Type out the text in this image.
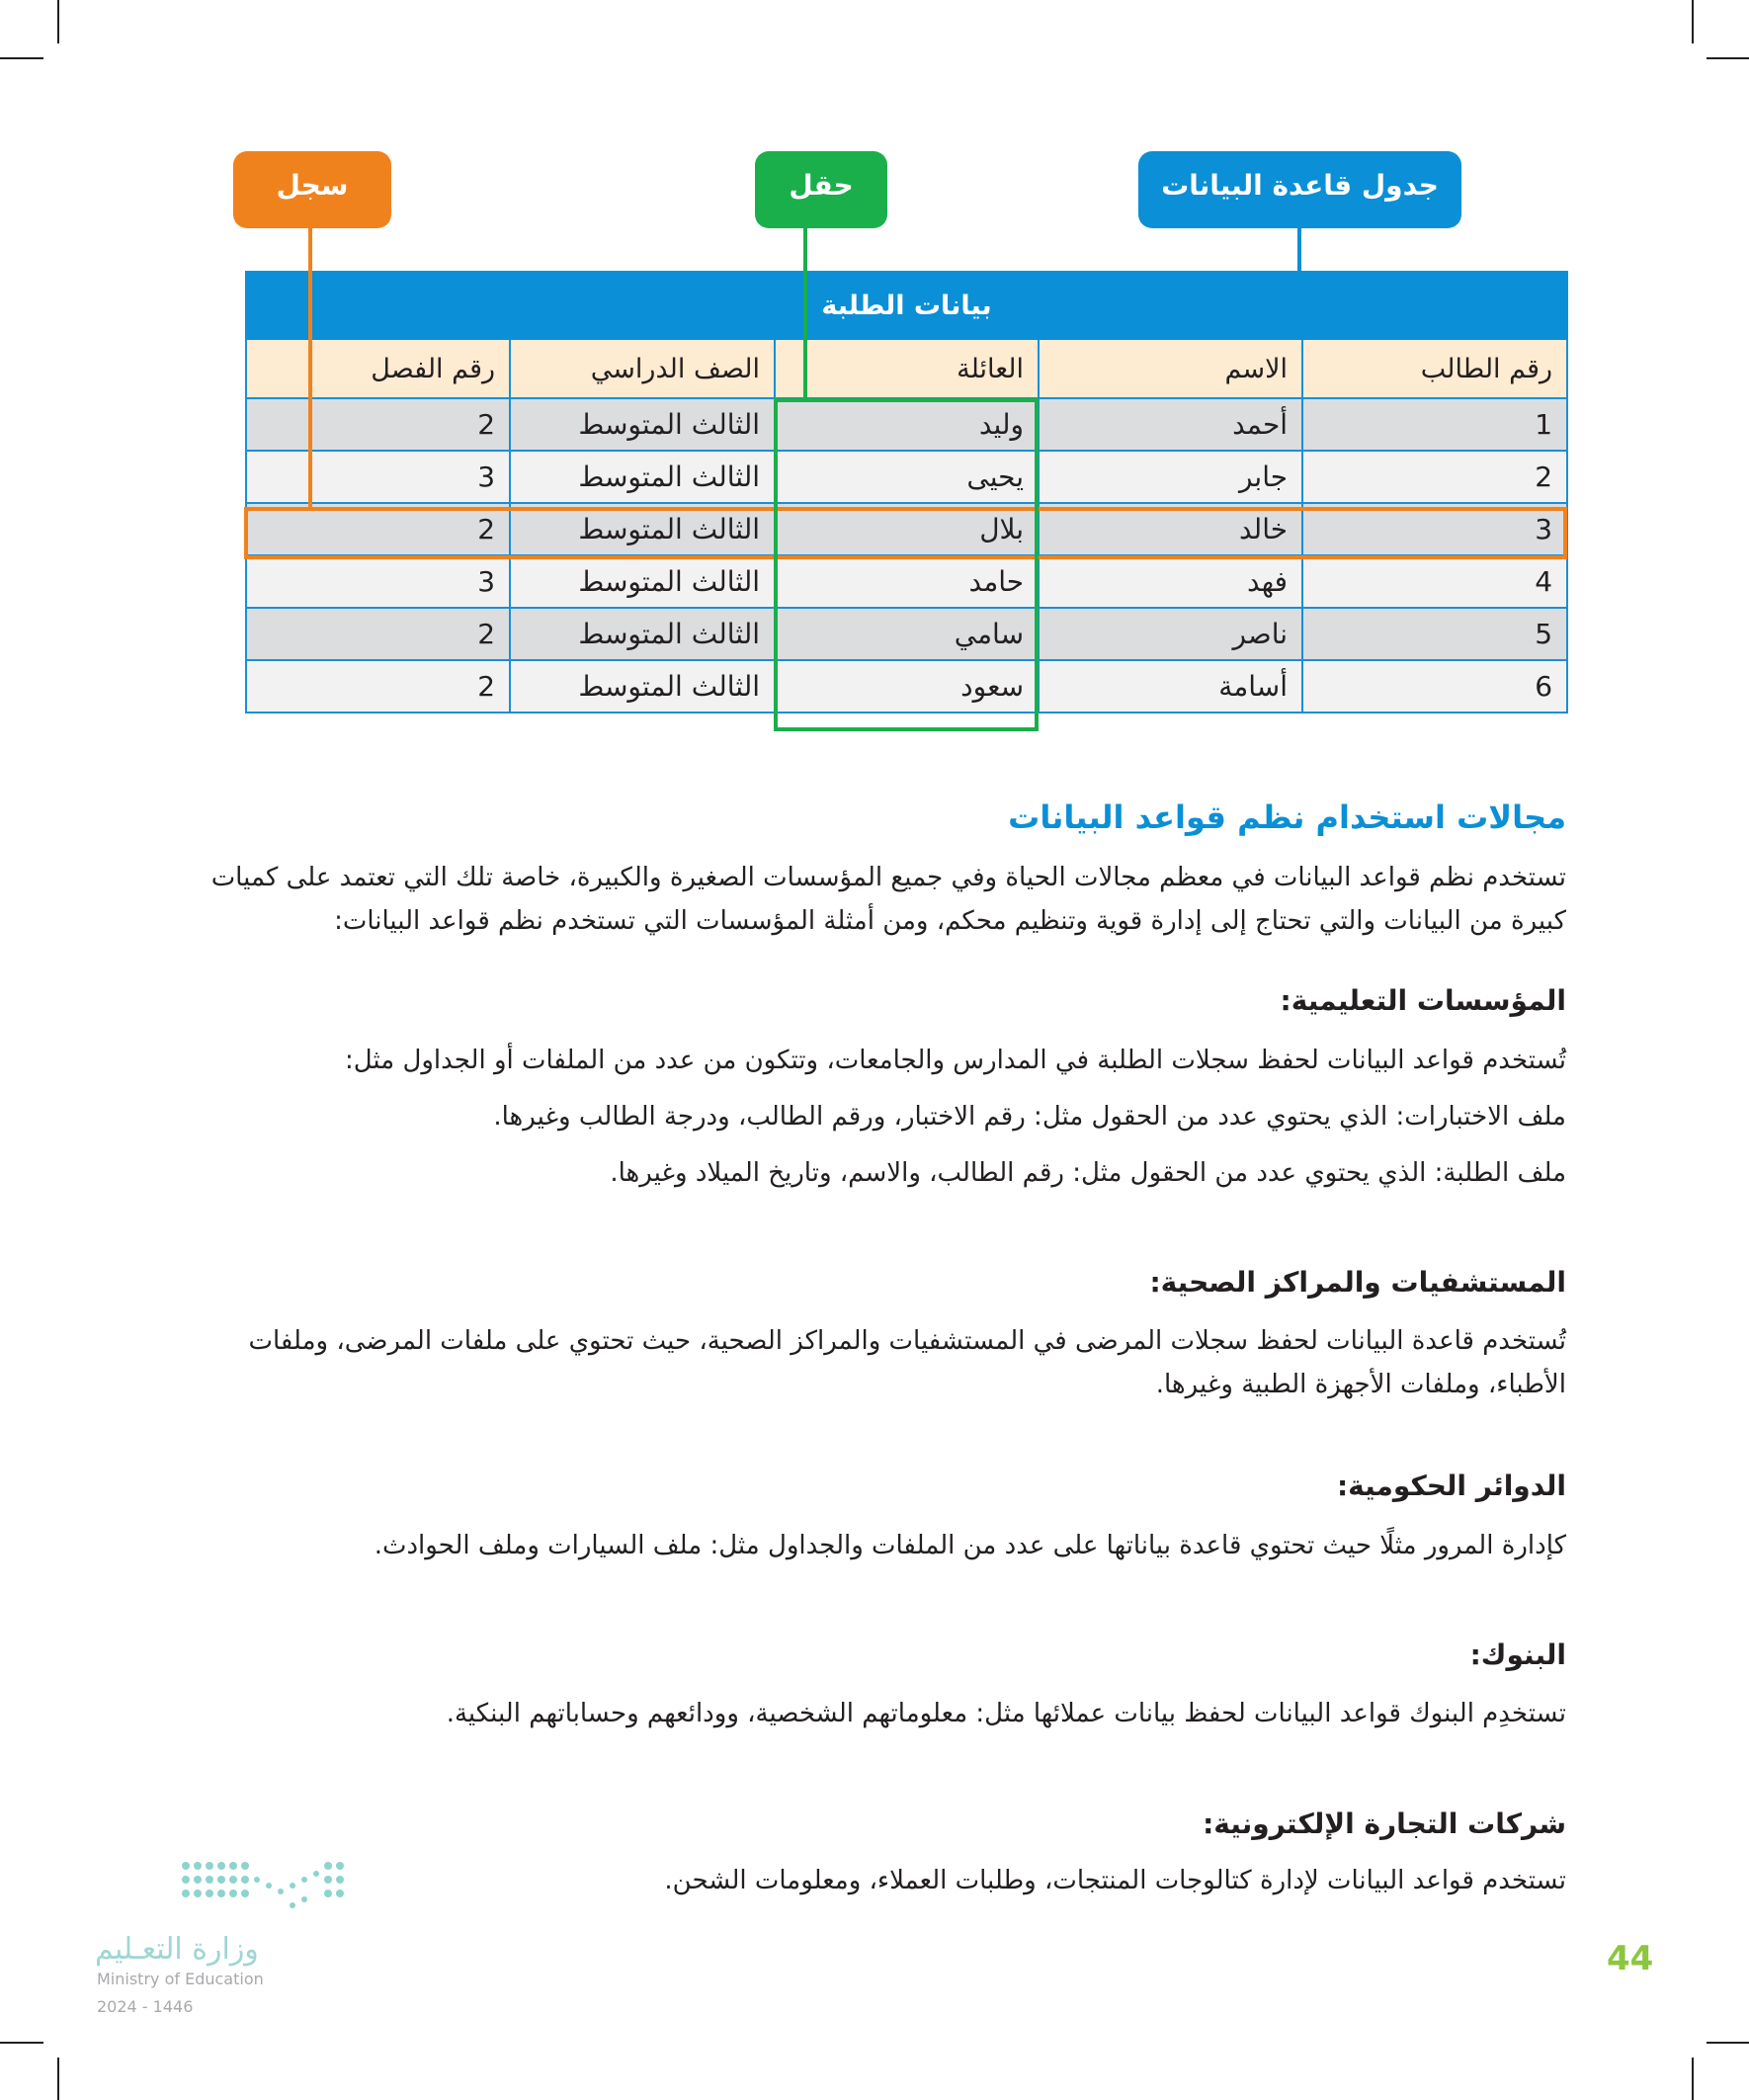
سجل	حقل	جدول قاعدة البيانات
بيانات الطلبة				
رقم الطالب	الاسم	العائلة	الصف الدراسي	رقم الفصل
1	أحمد	وليد	الثالث المتوسط	2
2	جابر	يحيى	الثالث المتوسط	3
3	خالد	بلال	الثالث المتوسط	2
4	فهد	حامد	الثالث المتوسط	3
5	ناصر	سامي	الثالث المتوسط	2
6	أسامة	سعود	الثالث المتوسط	2
مجالات استخدام نظم قواعد البيانات
تستخدم نظم قواعد البيانات في معظم مجالات الحياة وفي جميع المؤسسات الصغيرة والكبيرة، خاصة تلك التي تعتمد على كميات
كبيرة من البيانات والتي تحتاج إلى إدارة قوية وتنظيم محكم، ومن أمثلة المؤسسات التي تستخدم نظم قواعد البيانات:
المؤسسات التعليمية:
تُستخدم قواعد البيانات لحفظ سجلات الطلبة في المدارس والجامعات، وتتكون من عدد من الملفات أو الجداول مثل:
ملف الاختبارات: الذي يحتوي عدد من الحقول مثل: رقم الاختبار، ورقم الطالب، ودرجة الطالب وغيرها.
ملف الطلبة: الذي يحتوي عدد من الحقول مثل: رقم الطالب، والاسم، وتاريخ الميلاد وغيرها.
المستشفيات والمراكز الصحية:
تُستخدم قاعدة البيانات لحفظ سجلات المرضى في المستشفيات والمراكز الصحية، حيث تحتوي على ملفات المرضى، وملفات
الأطباء، وملفات الأجهزة الطبية وغيرها.
الدوائر الحكومية:
كإدارة المرور مثلًا حيث تحتوي قاعدة بياناتها على عدد من الملفات والجداول مثل: ملف السيارات وملف الحوادث.
البنوك:
تستخدِم البنوك قواعد البيانات لحفظ بيانات عملائها مثل: معلوماتهم الشخصية، وودائعهم وحساباتهم البنكية.
شركات التجارة الإلكترونية:
تستخدم قواعد البيانات لإدارة كتالوجات المنتجات، وطلبات العملاء، ومعلومات الشحن.
وزارة التعـليم
Ministry of Education
2024 - 1446
44
